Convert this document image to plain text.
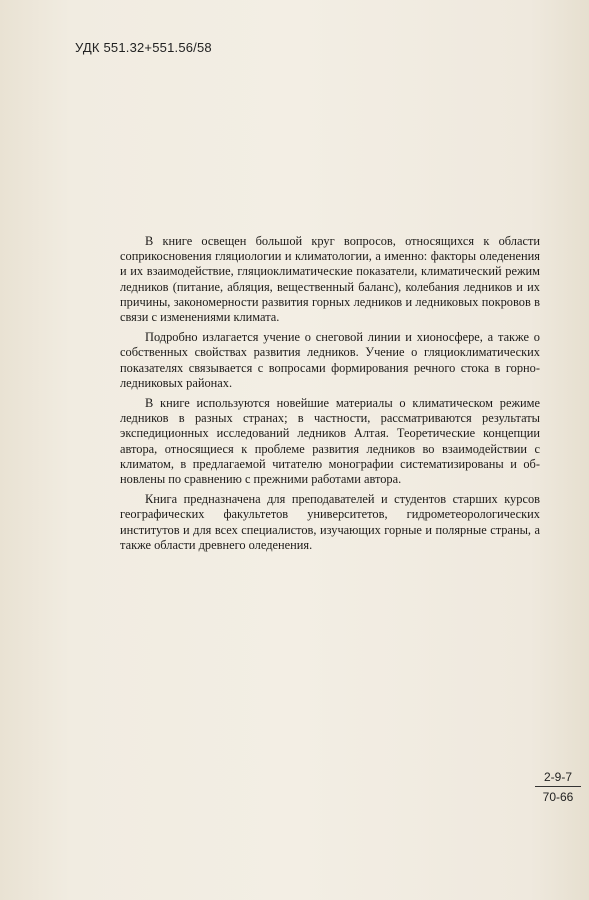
УДК 551.32+551.56/58

В книге освещен большой круг вопросов, относящихся к области соприкосновения гляциологии и климатологии, а именно: факторы оледенения и их взаимодействие, гляциоклиматические показатели, климатический режим ледников (питание, абляция, вещественный баланс), колебания ледников и их причины, закономерности развития горных ледников и ледниковых покровов в связи с изменениями климата.

Подробно излагается учение о снеговой линии и хионосфере, а также о собственных свойствах развития ледников. Учение о гляциоклиматических показателях связывается с вопросами формирования речного стока в горно-ледниковых районах.

В книге используются новейшие материалы о климатическом режиме ледников в разных странах; в частности, рассматриваются результаты экспедиционных исследований ледников Алтая. Теоретические концепции автора, относящиеся к проблеме развития ледников во взаимодействии с климатом, в предлагаемой читателю монографии систематизированы и обновлены по сравнению с прежними работами автора.

Книга предназначена для преподавателей и студентов старших курсов географических факультетов университетов, гидрометеорологических институтов и для всех специалистов, изучающих горные и полярные страны, а также области древнего оледенения.

2-9-7
70-66
